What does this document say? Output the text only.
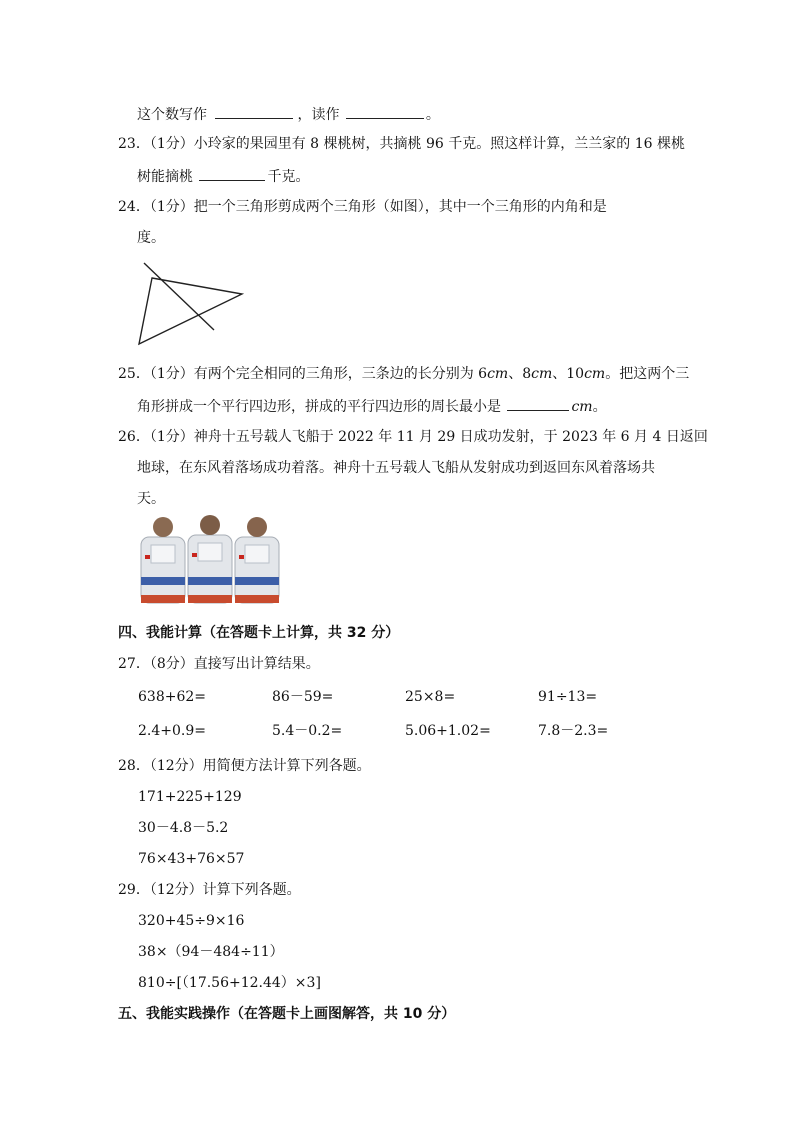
这个数写作	，读作	。
23．（1分）小玲家的果园里有 8 棵桃树，共摘桃 96 千克。照这样计算，兰兰家的 16 棵桃
树能摘桃	千克。
24．（1分）把一个三角形剪成两个三角形（如图），其中一个三角形的内角和是
度。
25．（1分）有两个完全相同的三角形，三条边的长分别为 6cm、8cm、10cm。把这两个三
角形拼成一个平行四边形，拼成的平行四边形的周长最小是	cm。
26．（1分）神舟十五号载人飞船于 2022 年 11 月 29 日成功发射，于 2023 年 6 月 4 日返回
地球，在东风着落场成功着落。神舟十五号载人飞船从发射成功到返回东风着落场共
天。
四、我能计算（在答题卡上计算，共 32 分）
27．（8分）直接写出计算结果。
638+62=	86－59=	25×8=	91÷13=
2.4+0.9=	5.4－0.2=	5.06+1.02=	7.8－2.3=
28．（12分）用简便方法计算下列各题。
171+225+129
30－4.8－5.2
76×43+76×57
29．（12分）计算下列各题。
320+45÷9×16
38×（94－484÷11）
810÷[（17.56+12.44）×3]
五、我能实践操作（在答题卡上画图解答，共 10 分）
